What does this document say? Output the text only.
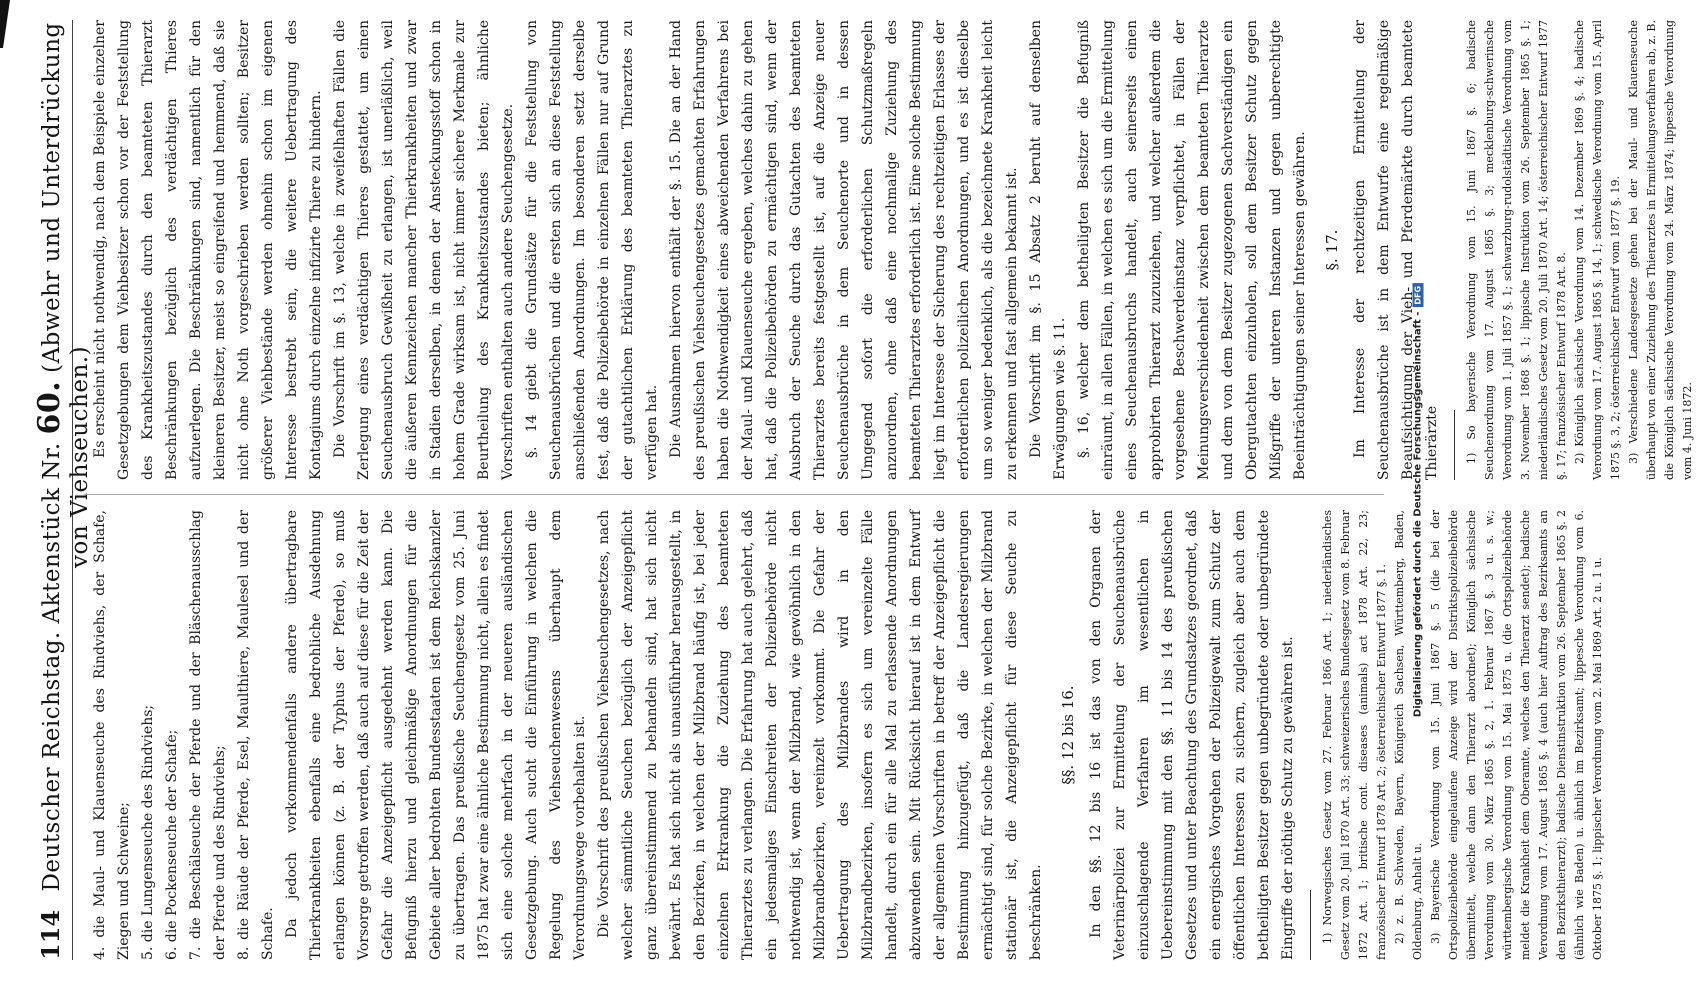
Digitalisierung gefördert durch die Deutsche Forschungsgemeinschaft -DFG
114
Deutscher Reichstag. Aktenstück Nr. 60. (Abwehr und Unterdrückung von Viehseuchen.)

4. die Maul- und Klauenseuche des Rindviehs, der Schafe, Ziegen und Schweine; 5. die Lungenseuche des Rindviehs; 6. die Pockenseuche der Schafe; 7. die Beschälseuche der Pferde und der Bläschenausschlag der Pferde und des Rindviehs; 8. die Räude der Pferde, Esel, Maulthiere, Maulesel und der Schafe. Da jedoch vorkommendenfalls andere übertragbare Thierkrankheiten ebenfalls eine bedrohliche Ausdehnung erlangen können (z. B. der Typhus der Pferde), so muß Vorsorge getroffen werden, daß auch auf diese für die Zeit der Gefahr die Anzeigepflicht ausgedehnt werden kann. Die Befugniß hierzu und gleichmäßige Anordnungen für die Gebiete aller bedrohten Bundesstaaten ist dem Reichskanzler zu übertragen. Das preußische Seuchengesetz vom 25. Juni 1875 hat zwar eine ähnliche Bestimmung nicht, allein es findet sich eine solche mehrfach in der neueren ausländischen Gesetzgebung. Auch sucht die Einführung in welchen die Regelung des Viehseuchenwesens überhaupt dem Verordnungswege vorbehalten ist. Die Vorschrift des preußischen Viehseuchengesetzes, nach welcher sämmtliche Seuchen bezüglich der Anzeigepflicht ganz übereinstimmend zu behandeln sind, hat sich nicht bewährt. Es hat sich nicht als unausführbar herausgestellt, in den Bezirken, in welchen der Milzbrand häufig ist, bei jeder einzelnen Erkrankung die Zuziehung des beamteten Thierarztes zu verlangen. Die Erfahrung hat auch gelehrt, daß ein jedesmaliges Einschreiten der Polizeibehörde nicht nothwendig ist, wenn der Milzbrand, wie gewöhnlich in den Milzbrandbezirken, vereinzelt vorkommt. Die Gefahr der Uebertragung des Milzbrandes wird in den Milzbrandbezirken, insofern es sich um vereinzelte Fälle handelt, durch ein für alle Mal zu erlassende Anordnungen abzuwenden sein. Mit Rücksicht hierauf ist in dem Entwurf der allgemeinen Vorschriften in betreff der Anzeigepflicht die Bestimmung hinzugefügt, daß die Landesregierungen ermächtigt sind, für solche Bezirke, in welchen der Milzbrand stationär ist, die Anzeigepflicht für diese Seuche zu beschränken.

§§. 12 bis 16. In den §§. 12 bis 16 ist das von den Organen der Veterinärpolizei zur Ermittelung der Seuchenausbrüche einzuschlagende Verfahren im wesentlichen in Uebereinstimmung mit den §§. 11 bis 14 des preußischen Gesetzes und unter Beachtung des Grundsatzes geordnet, daß ein energisches Vorgehen der Polizeigewalt zum Schutz der öffentlichen Interessen zu sichern, zugleich aber auch dem betheiligten Besitzer gegen unbegründete oder unbegründete Eingriffe der nöthige Schutz zu gewähren ist.	1) Norwegisches Gesetz vom 27. Februar 1866 Art. 1; niederländisches Gesetz vom 20. Juli 1870 Art. 33; schweizerisches Bundesgesetz vom 8. Februar 1872 Art. 1; britische cont. diseases (animals) act 1878 Art. 22, 23; französischer Entwurf 1878 Art. 2; österreichischer Entwurf 1877 §. 1. 2) z. B. Schweden, Bayern, Königreich Sachsen, Württemberg, Baden, Oldenburg, Anhalt u. 3) Bayerische Verordnung vom 15. Juni 1867 §. 5 (die bei der Ortspolizeibehörde eingelaufene Anzeige wird der Distriktspolizeibehörde übermittelt, welche dann den Thierarzt abordnet); Königlich sächsische Verordnung vom 30. März 1865 §. 2, 1. Februar 1867 §. 3 u. s. w.; württembergische Verordnung vom 15. Mai 1875 u. (die Ortspolizeibehörde meldet die Krankheit dem Oberamte, welches den Thierarzt sendet); badische Verordnung vom 17. August 1865 §. 4 (auch hier Auftrag des Bezirksamts an den Bezirksthierarzt); badische Dienstinstruktion vom 26. September 1865 §. 2 (ähnlich wie Baden) u. ähnlich im Bezirksamt; lippesche Verordnung vom 6. Oktober 1875 §. 1; lippischer Verordnung vom 2. Mai 1869 Art. 2 u. 1 u.

Es erscheint nicht nothwendig, nach dem Beispiele einzelner Gesetzgebungen dem Viehbesitzer schon vor der Feststellung des Krankheitszustandes durch den beamteten Thierarzt Beschränkungen bezüglich des verdächtigen Thieres aufzuerlegen. Die Beschränkungen sind, namentlich für den kleineren Besitzer, meist so eingreifend und hemmend, daß sie nicht ohne Noth vorgeschrieben werden sollten; Besitzer größerer Viehbestände werden ohnehin schon im eigenen Interesse bestrebt sein, die weitere Uebertragung des Kontagiums durch einzelne infizirte Thiere zu hindern. Die Vorschrift im §. 13, welche in zweifelhaften Fällen die Zerlegung eines verdächtigen Thieres gestattet, um einen Seuchenausbruch Gewißheit zu erlangen, ist unerläßlich, weil die äußeren Kennzeichen mancher Thierkrankheiten und zwar in Stadien derselben, in denen der Ansteckungsstoff schon in hohem Grade wirksam ist, nicht immer sichere Merkmale zur Beurtheilung des Krankheitszustandes bieten; ähnliche Vorschriften enthalten auch andere Seuchengesetze. §. 14 giebt die Grundsätze für die Feststellung von Seuchenausbrüchen und die ersten sich an diese Feststellung anschließenden Anordnungen. Im besonderen setzt derselbe fest, daß die Polizeibehörde in einzelnen Fällen nur auf Grund der gutachtlichen Erklärung des beamteten Thierarztes zu verfügen hat. Die Ausnahmen hiervon enthält der §. 15. Die an der Hand des preußischen Viehseuchengesetzes gemachten Erfahrungen haben die Nothwendigkeit eines abweichenden Verfahrens bei der Maul- und Klauenseuche ergeben, welches dahin zu gehen hat, daß die Polizeibehörden zu ermächtigen sind, wenn der Ausbruch der Seuche durch das Gutachten des beamteten Thierarztes bereits festgestellt ist, auf die Anzeige neuer Seuchenausbrüche in dem Seuchenorte und in dessen Umgegend sofort die erforderlichen Schutzmaßregeln anzuordnen, ohne daß eine nochmalige Zuziehung des beamteten Thierarztes erforderlich ist. Eine solche Bestimmung liegt im Interesse der Sicherung des rechtzeitigen Erlasses der erforderlichen polizeilichen Anordnungen, und es ist dieselbe um so weniger bedenklich, als die bezeichnete Krankheit leicht zu erkennen und fast allgemein bekannt ist. Die Vorschrift im §. 15 Absatz 2 beruht auf denselben Erwägungen wie §. 11. §. 16, welcher dem betheiligten Besitzer die Befugniß einräumt, in allen Fällen, in welchen es sich um die Ermittelung eines Seuchenausbruchs handelt, auch seinerseits einen approbirten Thierarzt zuzuziehen, und welcher außerdem die vorgesehene Beschwerdeinstanz verpflichtet, in Fällen der Meinungsverschiedenheit zwischen dem beamteten Thierarzte und dem von dem Besitzer zugezogenen Sachverständigen ein Obergutachten einzuholen, soll dem Besitzer Schutz gegen Mißgriffe der unteren Instanzen und gegen unberechtigte Beeinträchtigungen seiner Interessen gewähren. §. 17. Im Interesse der rechtzeitigen Ermittelung der Seuchenausbrüche ist in dem Entwurfe eine regelmäßige Beaufsichtigung der Vieh- und Pferdemärkte durch beamtete Thierärzte	1) So bayerische Verordnung vom 15. Juni 1867 §. 6; badische Seuchenordnung vom 17. August 1865 §. 3; mecklenburg-schwerinsche Verordnung vom 1. Juli 1857 §. 1; schwarzburg-rudolstädtische Verordnung vom 3. November 1868 §. 1; lippische Instruktion vom 26. September 1865 §. 1; niederländisches Gesetz vom 20. Juli 1870 Art. 14; österreichischer Entwurf 1877 §. 17; französischer Entwurf 1878 Art. 8. 2) Königlich sächsische Verordnung vom 14. Dezember 1869 §. 4; badische Verordnung vom 17. August 1865 §. 14, 1; schwedische Verordnung vom 15. April 1875 §. 3, 2; österreichischer Entwurf vom 1877 §. 19. 3) Verschiedene Landesgesetze gehen bei der Maul- und Klauenseuche überhaupt von einer Zuziehung des Thierarztes in Ermittelungsverfahren ab, z. B. die Königlich sächsische Verordnung vom 24. März 1874; lippesche Verordnung vom 4. Juni 1872.
